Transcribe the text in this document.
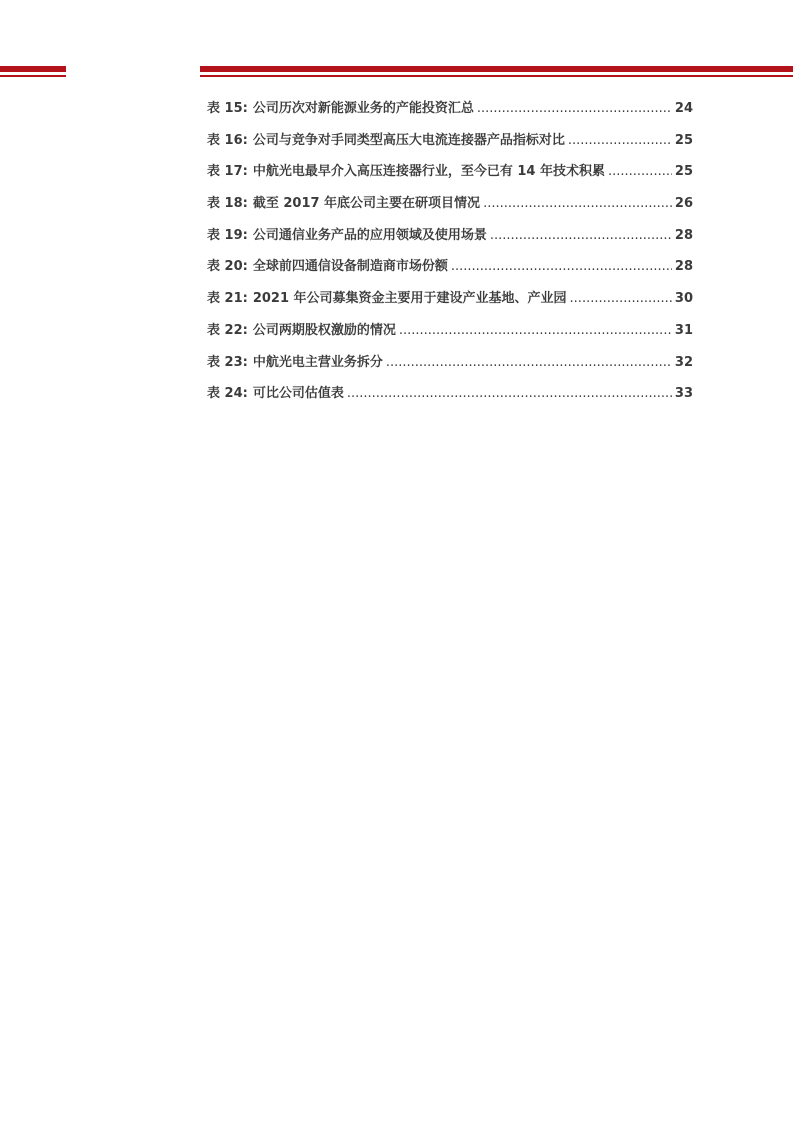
表 15: 公司历次对新能源业务的产能投资汇总 .....	24
表 16: 公司与竞争对手同类型高压大电流连接器产品指标对比 .....	25
表 17: 中航光电最早介入高压连接器行业，至今已有 14 年技术积累 .....	25
表 18: 截至 2017 年底公司主要在研项目情况 .....	26
表 19: 公司通信业务产品的应用领域及使用场景 .....	28
表 20: 全球前四通信设备制造商市场份额 .....	28
表 21: 2021 年公司募集资金主要用于建设产业基地、产业园 .....	30
表 22: 公司两期股权激励的情况 .....	31
表 23: 中航光电主营业务拆分 .....	32
表 24: 可比公司估值表 .....	33
